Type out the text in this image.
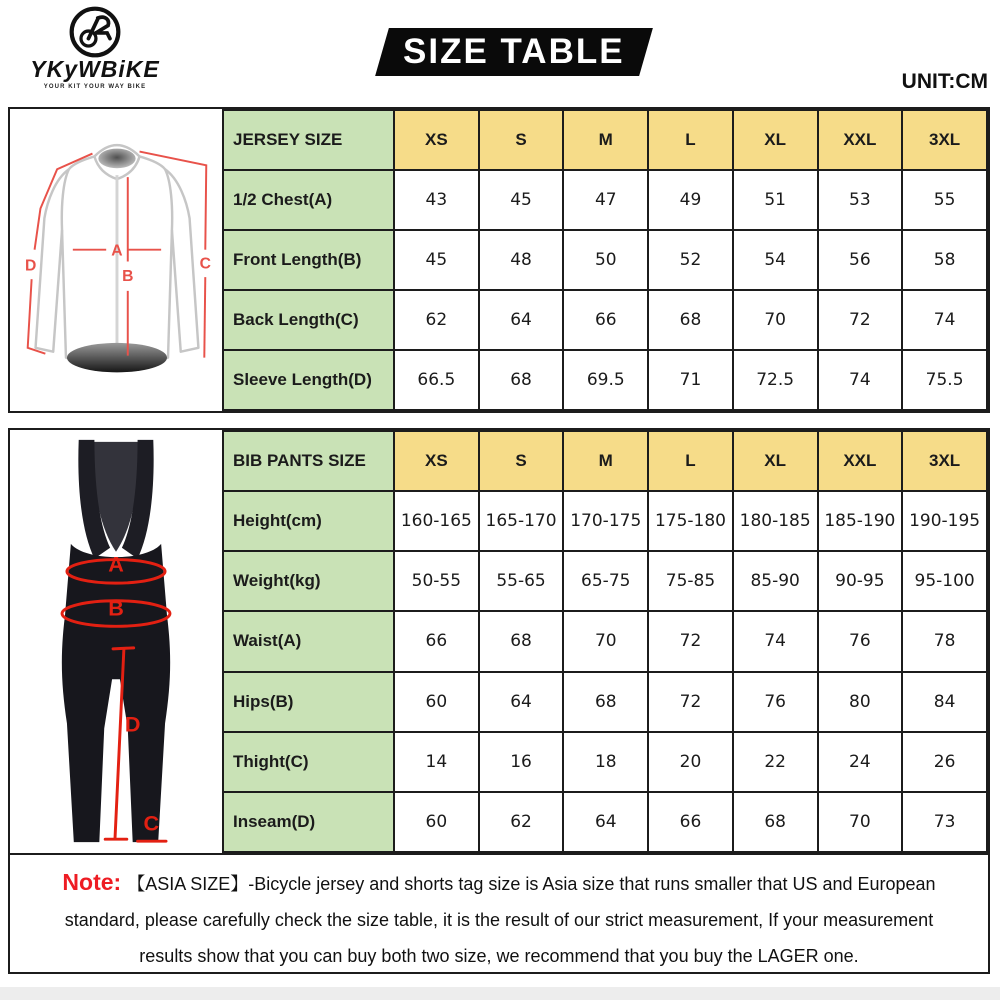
YKyWBiKE
YOUR KIT YOUR WAY BIKE
SIZE TABLE
UNIT:CM
A
B
C
D
JERSEY SIZE	XS	S	M	L	XL	XXL	3XL
1/2 Chest(A)	43	45	47	49	51	53	55
Front Length(B)	45	48	50	52	54	56	58
Back Length(C)	62	64	66	68	70	72	74
Sleeve Length(D)	66.5	68	69.5	71	72.5	74	75.5
A
B
C
D
BIB PANTS SIZE	XS	S	M	L	XL	XXL	3XL
Height(cm)	160-165	165-170	170-175	175-180	180-185	185-190	190-195
Weight(kg)	50-55	55-65	65-75	75-85	85-90	90-95	95-100
Waist(A)	66	68	70	72	74	76	78
Hips(B)	60	64	68	72	76	80	84
Thight(C)	14	16	18	20	22	24	26
Inseam(D)	60	62	64	66	68	70	73
Note: 【ASIA SIZE】-Bicycle jersey and shorts tag size is Asia size that runs smaller that US and European standard, please carefully check the size table, it is the result of our strict measurement, If your measurement results show that you can buy both two size, we recommend that you buy the LAGER one.
